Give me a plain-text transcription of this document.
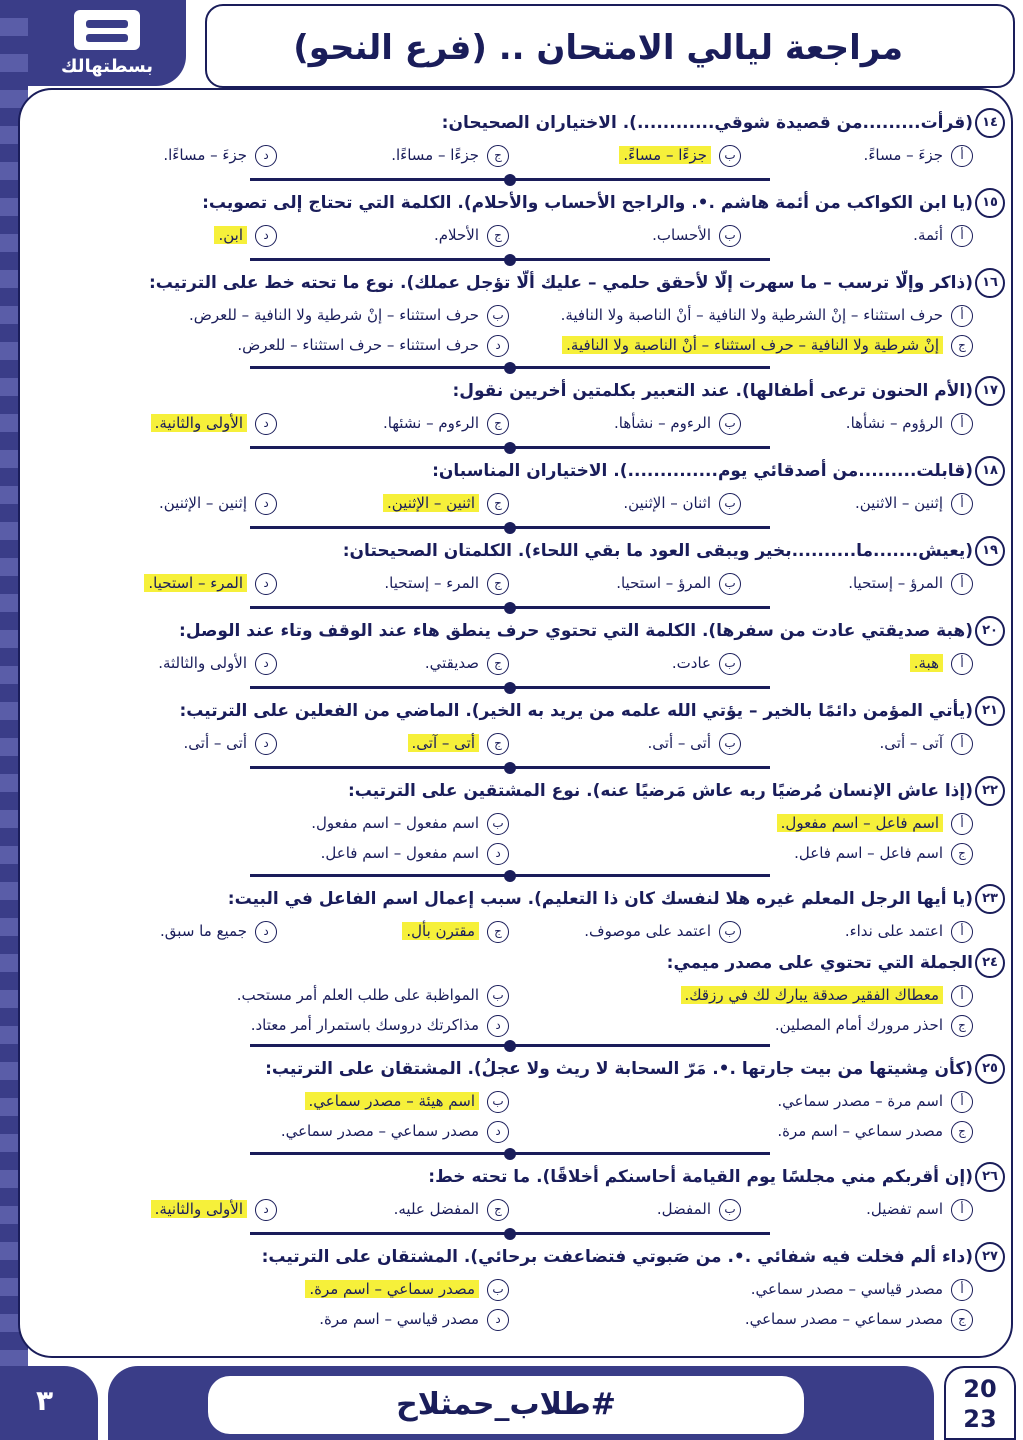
بسطتهالك	مراجعة ليالي الامتحان .. (فرع النحو)
١٤
(قرأت.........من قصيدة شوقي............). الاختياران الصحيحان:
أجزءَ – مساءً.
بجزءًا – مساءً.
ججزءًا – مساءًا.
دجزءَ – مساءًا.
١٥
(يا ابن الكواكب من أئمة هاشم .•. والراجح الأحساب والأحلام). الكلمة التي تحتاج إلى تصويب:
أأئمة.
بالأحساب.
جالأحلام.
دابن.
١٦
(ذاكر وإلّا ترسب – ما سهرت إلّا لأحقق حلمي – عليك ألّا تؤجل عملك). نوع ما تحته خط على الترتيب:
أحرف استثناء – إنْ الشرطية ولا النافية – أنْ الناصبة ولا النافية.
بحرف استثناء – إنْ شرطية ولا النافية – للعرض.
جإنْ شرطية ولا النافية – حرف استثناء – أنْ الناصبة ولا النافية.
دحرف استثناء – حرف استثناء – للعرض.
١٧
(الأم الحنون ترعى أطفالها). عند التعبير بكلمتين أخريين نقول:
أالرؤوم – نشأها.
بالرءوم – نشأها.
جالرءوم – نشئها.
دالأولى والثانية.
١٨
(قابلت.........من أصدقائي يوم..............). الاختياران المناسبان:
أإثنين – الاثنين.
باثنان – الإثنين.
جاثنين – الإثنين.
دإثنين – الإثنين.
١٩
(يعيش.......ما..........بخير ويبقى العود ما بقي اللحاء). الكلمتان الصحيحتان:
أالمرؤ – إستحيا.
بالمرؤ – استحيا.
جالمرء – إستحيا.
دالمرء – استحيا.
٢٠
(هبة صديقتي عادت من سفرها). الكلمة التي تحتوي حرف ينطق هاء عند الوقف وتاء عند الوصل:
أهبة.
بعادت.
جصديقتي.
دالأولى والثالثة.
٢١
(يأتي المؤمن دائمًا بالخير – يؤتي الله علمه من يريد به الخير). الماضي من الفعلين على الترتيب:
أآتى – أتى.
بأتى – أتى.
جأتى – آتى.
دأتى – أتى.
٢٢
(إذا عاش الإنسان مُرضيًا ربه عاش مَرضيًا عنه). نوع المشتقين على الترتيب:
أاسم فاعل – اسم مفعول.
باسم مفعول – اسم مفعول.
جاسم فاعل – اسم فاعل.
داسم مفعول – اسم فاعل.
٢٣
(يا أيها الرجل المعلم غيره هلا لنفسك كان ذا التعليم). سبب إعمال اسم الفاعل في البيت:
أاعتمد على نداء.
باعتمد على موصوف.
جمقترن بأل.
دجميع ما سبق.
٢٤
الجملة التي تحتوي على مصدر ميمي:
أمعطاك الفقير صدقة يبارك لك في رزقك.
بالمواظبة على طلب العلم أمر مستحب.
جاحذر مرورك أمام المصلين.
دمذاكرتك دروسك باستمرار أمر معتاد.
٢٥
(كأن مِشيتها من بيت جارتها .•. مَرّ السحابة لا ريث ولا عجلُ). المشتقان على الترتيب:
أاسم مرة – مصدر سماعي.
باسم هيئة – مصدر سماعي.
جمصدر سماعي – اسم مرة.
دمصدر سماعي – مصدر سماعي.
٢٦
(إن أقربكم مني مجلسًا يوم القيامة أحاسنكم أخلاقًا). ما تحته خط:
أاسم تفضيل.
بالمفضل.
جالمفضل عليه.
دالأولى والثانية.
٢٧
(داء ألم فخلت فيه شفائي .•. من صَبوتي فتضاعفت برحائي). المشتقان على الترتيب:
أمصدر قياسي – مصدر سماعي.
بمصدر سماعي – اسم مرة.
جمصدر سماعي – مصدر سماعي.
دمصدر قياسي – اسم مرة.
٣	#طلاب_حمثلاح	20
23
